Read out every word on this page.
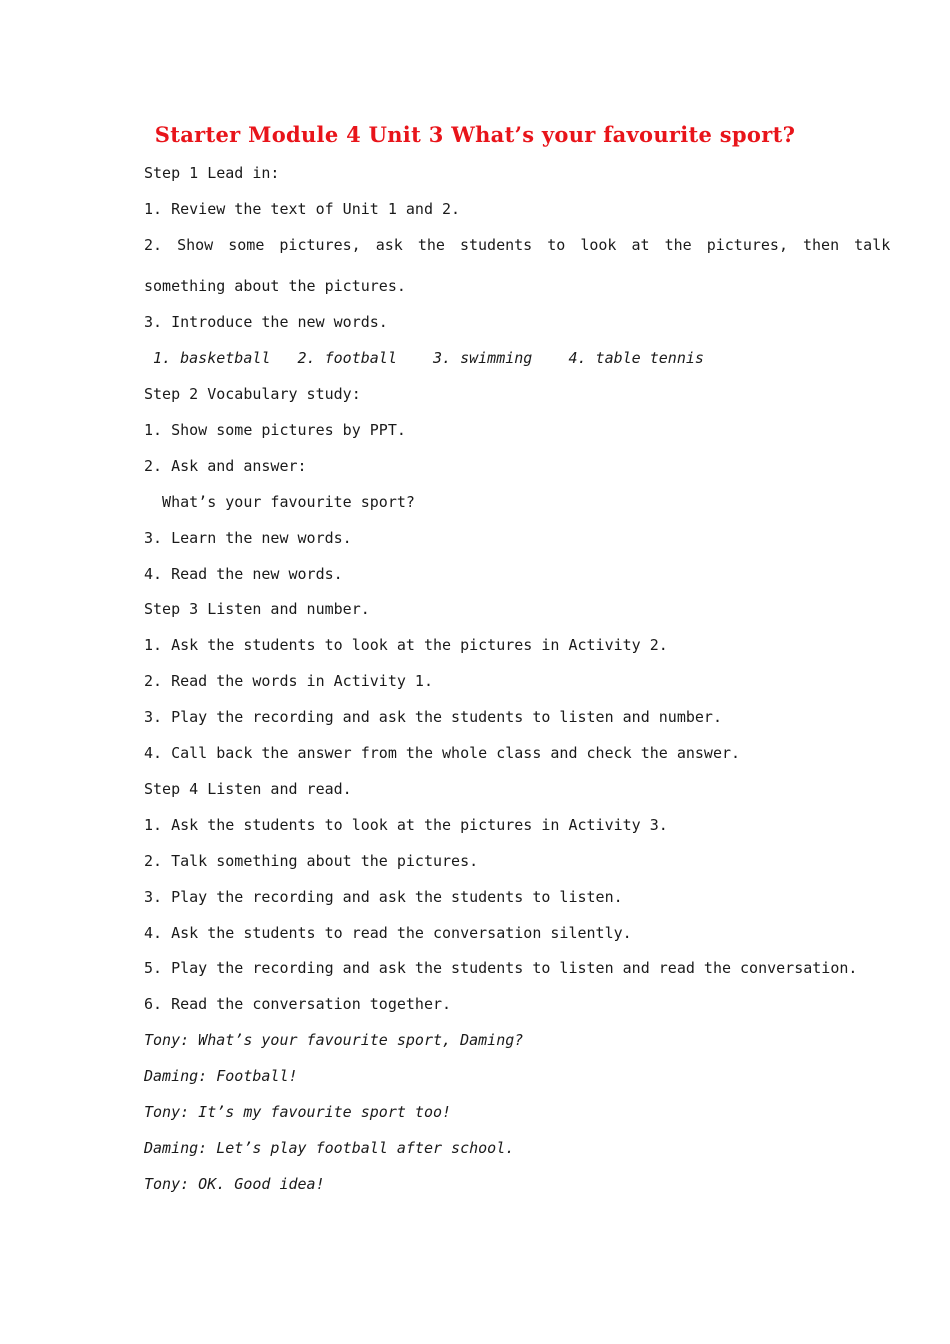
Starter Module 4 Unit 3 What’s your favourite sport?
Step 1 Lead in:
1. Review the text of Unit 1 and 2.
2. Show some pictures, ask the students to look at the pictures, then talk
something about the pictures.
3. Introduce the new words.
1. basketball   2. football    3. swimming    4. table tennis
Step 2 Vocabulary study:
1. Show some pictures by PPT.
2. Ask and answer:
What’s your favourite sport?
3. Learn the new words.
4. Read the new words.
Step 3 Listen and number.
1. Ask the students to look at the pictures in Activity 2.
2. Read the words in Activity 1.
3. Play the recording and ask the students to listen and number.
4. Call back the answer from the whole class and check the answer.
Step 4 Listen and read.
1. Ask the students to look at the pictures in Activity 3.
2. Talk something about the pictures.
3. Play the recording and ask the students to listen.
4. Ask the students to read the conversation silently.
5. Play the recording and ask the students to listen and read the conversation.
6. Read the conversation together.
Tony: What’s your favourite sport, Daming?
Daming: Football!
Tony: It’s my favourite sport too!
Daming: Let’s play football after school.
Tony: OK. Good idea!
